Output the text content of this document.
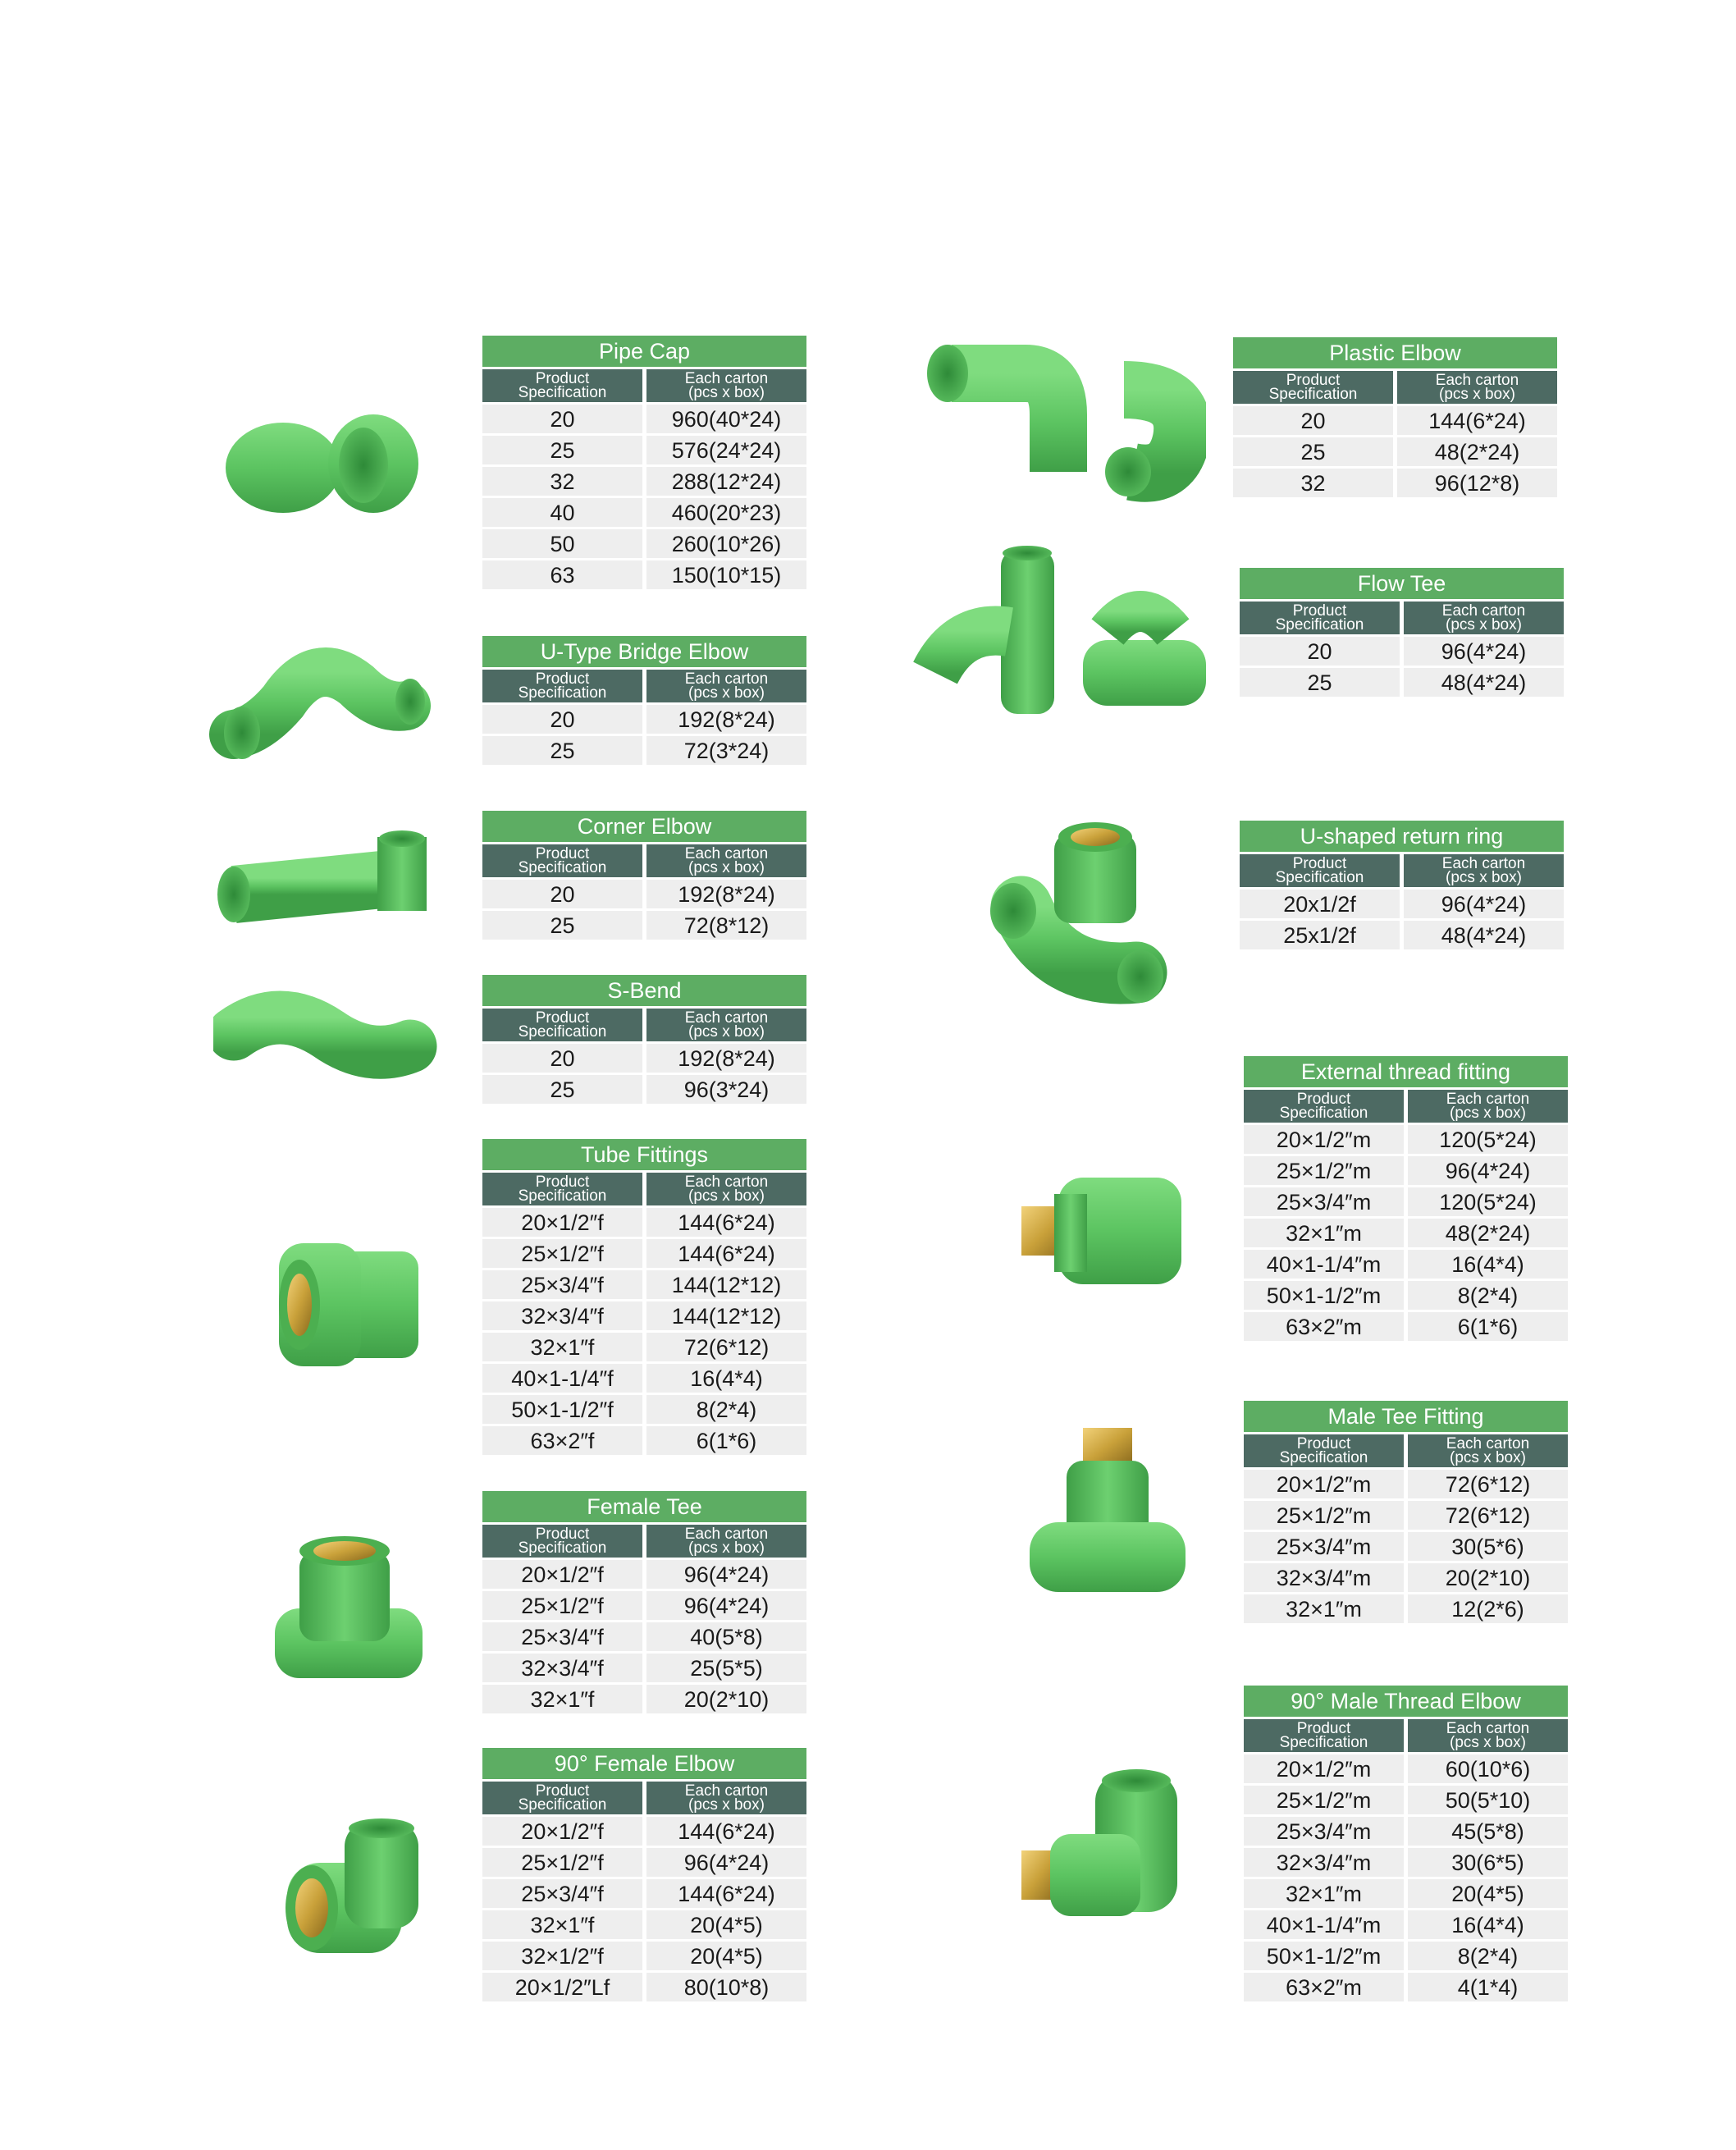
Pipe Cap
Product
Specification
Each carton
(pcs x box)
20	960(40*24)
25	576(24*24)
32	288(12*24)
40	460(20*23)
50	260(10*26)
63	150(10*15)
U-Type Bridge Elbow
Product
Specification
Each carton
(pcs x box)
20	192(8*24)
25	72(3*24)
Corner Elbow
Product
Specification
Each carton
(pcs x box)
20	192(8*24)
25	72(8*12)
S-Bend
Product
Specification
Each carton
(pcs x box)
20	192(8*24)
25	96(3*24)
Tube Fittings
Product
Specification
Each carton
(pcs x box)
20×1/2″f	144(6*24)
25×1/2″f	144(6*24)
25×3/4″f	144(12*12)
32×3/4″f	144(12*12)
32×1″f	72(6*12)
40×1-1/4″f	16(4*4)
50×1-1/2″f	8(2*4)
63×2″f	6(1*6)
Female Tee
Product
Specification
Each carton
(pcs x box)
20×1/2″f	96(4*24)
25×1/2″f	96(4*24)
25×3/4″f	40(5*8)
32×3/4″f	25(5*5)
32×1″f	20(2*10)
90° Female Elbow
Product
Specification
Each carton
(pcs x box)
20×1/2″f	144(6*24)
25×1/2″f	96(4*24)
25×3/4″f	144(6*24)
32×1″f	20(4*5)
32×1/2″f	20(4*5)
20×1/2″Lf	80(10*8)
Plastic Elbow
Product
Specification
Each carton
(pcs x box)
20	144(6*24)
25	48(2*24)
32	96(12*8)
Flow Tee
Product
Specification
Each carton
(pcs x box)
20	96(4*24)
25	48(4*24)
U-shaped return ring
Product
Specification
Each carton
(pcs x box)
20x1/2f	96(4*24)
25x1/2f	48(4*24)
External thread fitting
Product
Specification
Each carton
(pcs x box)
20×1/2″m	120(5*24)
25×1/2″m	96(4*24)
25×3/4″m	120(5*24)
32×1″m	48(2*24)
40×1-1/4″m	16(4*4)
50×1-1/2″m	8(2*4)
63×2″m	6(1*6)
Male Tee Fitting
Product
Specification
Each carton
(pcs x box)
20×1/2″m	72(6*12)
25×1/2″m	72(6*12)
25×3/4″m	30(5*6)
32×3/4″m	20(2*10)
32×1″m	12(2*6)
90° Male Thread Elbow
Product
Specification
Each carton
(pcs x box)
20×1/2″m	60(10*6)
25×1/2″m	50(5*10)
25×3/4″m	45(5*8)
32×3/4″m	30(6*5)
32×1″m	20(4*5)
40×1-1/4″m	16(4*4)
50×1-1/2″m	8(2*4)
63×2″m	4(1*4)
